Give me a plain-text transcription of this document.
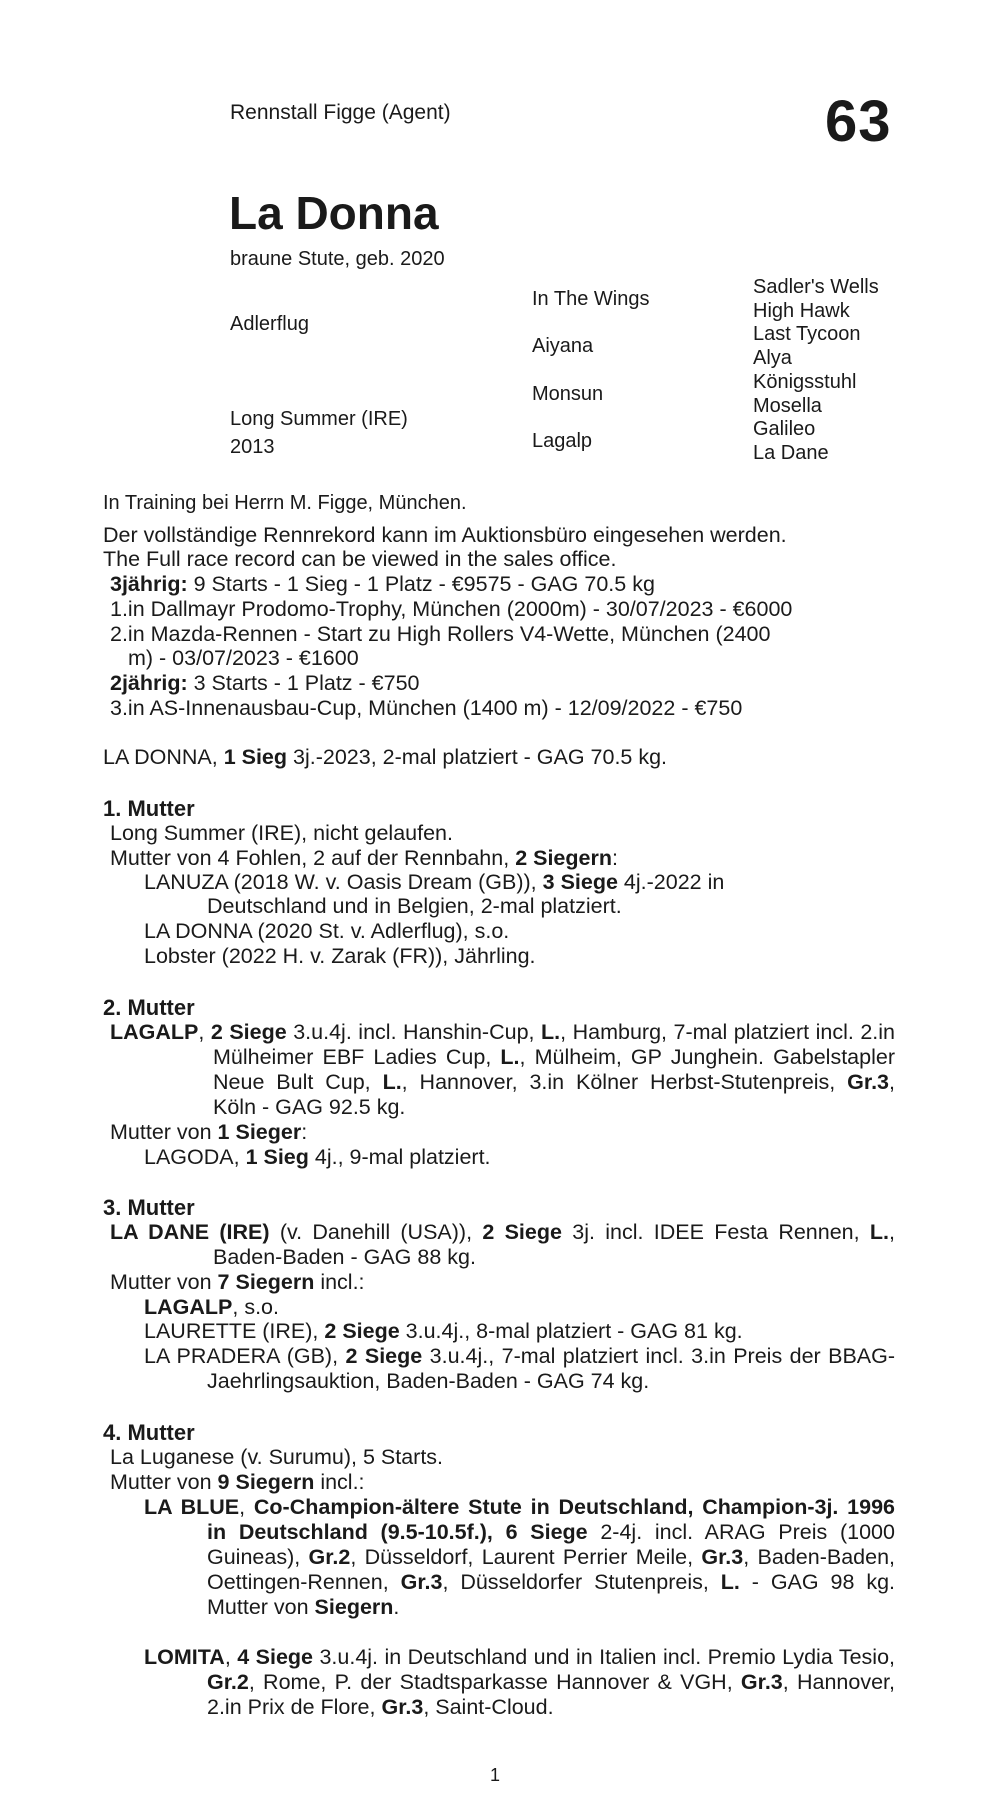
Rennstall Figge (Agent)	63
La Donna
braune Stute, geb. 2020
Adlerflug
Long Summer (IRE)
2013
In The Wings
Aiyana
Monsun
Lagalp
Sadler's Wells
High Hawk
Last Tycoon
Alya
Königsstuhl
Mosella
Galileo
La Dane
In Training bei Herrn M. Figge, München.
Der vollständige Rennrekord kann im Auktionsbüro eingesehen werden.
The Full race record can be viewed in the sales office.
3jährig: 9 Starts - 1 Sieg - 1 Platz - €9575 - GAG 70.5 kg
1.in Dallmayr Prodomo-Trophy, München (2000m) - 30/07/2023 - €6000
2.in Mazda-Rennen - Start zu High Rollers V4-Wette, München (2400
m) - 03/07/2023 - €1600
2jährig: 3 Starts - 1 Platz - €750
3.in AS-Innenausbau-Cup, München (1400 m) - 12/09/2022 - €750
LA DONNA, 1 Sieg 3j.-2023, 2-mal platziert - GAG 70.5 kg.
1. Mutter
Long Summer (IRE), nicht gelaufen.
Mutter von 4 Fohlen, 2 auf der Rennbahn, 2 Siegern:
LANUZA (2018 W. v. Oasis Dream (GB)), 3 Siege 4j.-2022 in
Deutschland und in Belgien, 2-mal platziert.
LA DONNA (2020 St. v. Adlerflug), s.o.
Lobster (2022 H. v. Zarak (FR)), Jährling.
2. Mutter
LAGALP, 2 Siege 3.u.4j. incl. Hanshin-Cup, L., Hamburg, 7-mal platziert incl. 2.in Mülheimer EBF Ladies Cup, L., Mülheim, GP Junghein. Gabelstapler Neue Bult Cup, L., Hannover, 3.in Kölner Herbst-Stutenpreis, Gr.3, Köln - GAG 92.5 kg.
Mutter von 1 Sieger:
LAGODA, 1 Sieg 4j., 9-mal platziert.
3. Mutter
LA DANE (IRE) (v. Danehill (USA)), 2 Siege 3j. incl. IDEE Festa Rennen, L., Baden-Baden - GAG 88 kg.
Mutter von 7 Siegern incl.:
LAGALP, s.o.
LAURETTE (IRE), 2 Siege 3.u.4j., 8-mal platziert - GAG 81 kg.
LA PRADERA (GB), 2 Siege 3.u.4j., 7-mal platziert incl. 3.in Preis der BBAG-Jaehrlingsauktion, Baden-Baden - GAG 74 kg.
4. Mutter
La Luganese (v. Surumu), 5 Starts.
Mutter von 9 Siegern incl.:
LA BLUE, Co-Champion-ältere Stute in Deutschland, Champion-3j. 1996 in Deutschland (9.5-10.5f.), 6 Siege 2-4j. incl. ARAG Preis (1000 Guineas), Gr.2, Düsseldorf, Laurent Perrier Meile, Gr.3, Baden-Baden, Oettingen-Rennen, Gr.3, Düsseldorfer Stutenpreis, L. - GAG 98 kg. Mutter von Siegern.
LOMITA, 4 Siege 3.u.4j. in Deutschland und in Italien incl. Premio Lydia Tesio, Gr.2, Rome, P. der Stadtsparkasse Hannover & VGH, Gr.3, Hannover, 2.in Prix de Flore, Gr.3, Saint-Cloud.
1
